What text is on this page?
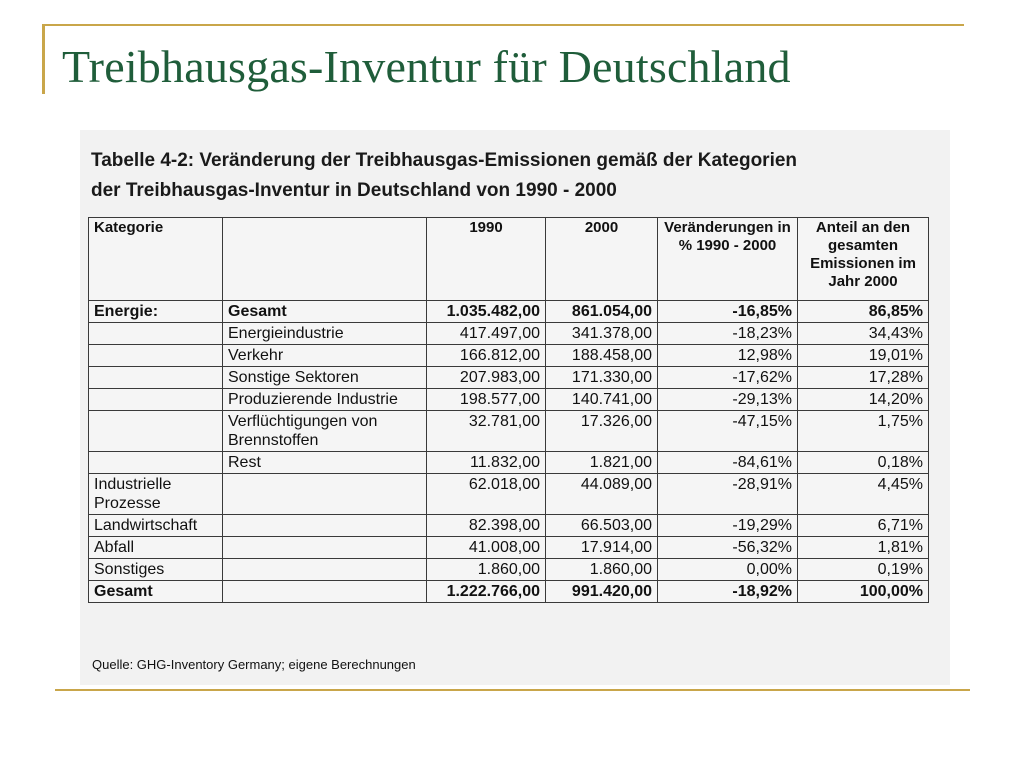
Treibhausgas-Inventur für Deutschland
Tabelle 4-2: Veränderung der Treibhausgas-Emissionen gemäß der Kategorien
der Treibhausgas-Inventur in Deutschland von 1990 - 2000
Kategorie		1990	2000	Veränderungen in % 1990 - 2000	Anteil an den gesamten Emissionen im Jahr 2000
Energie:	Gesamt	1.035.482,00	861.054,00	-16,85%	86,85%
	Energieindustrie	417.497,00	341.378,00	-18,23%	34,43%
	Verkehr	166.812,00	188.458,00	12,98%	19,01%
	Sonstige Sektoren	207.983,00	171.330,00	-17,62%	17,28%
	Produzierende Industrie	198.577,00	140.741,00	-29,13%	14,20%
	Verflüchtigungen von Brennstoffen	32.781,00	17.326,00	-47,15%	1,75%
	Rest	11.832,00	1.821,00	-84,61%	0,18%
Industrielle Prozesse		62.018,00	44.089,00	-28,91%	4,45%
Landwirtschaft		82.398,00	66.503,00	-19,29%	6,71%
Abfall		41.008,00	17.914,00	-56,32%	1,81%
Sonstiges		1.860,00	1.860,00	0,00%	0,19%
Gesamt		1.222.766,00	991.420,00	-18,92%	100,00%
Quelle: GHG-Inventory Germany; eigene Berechnungen
